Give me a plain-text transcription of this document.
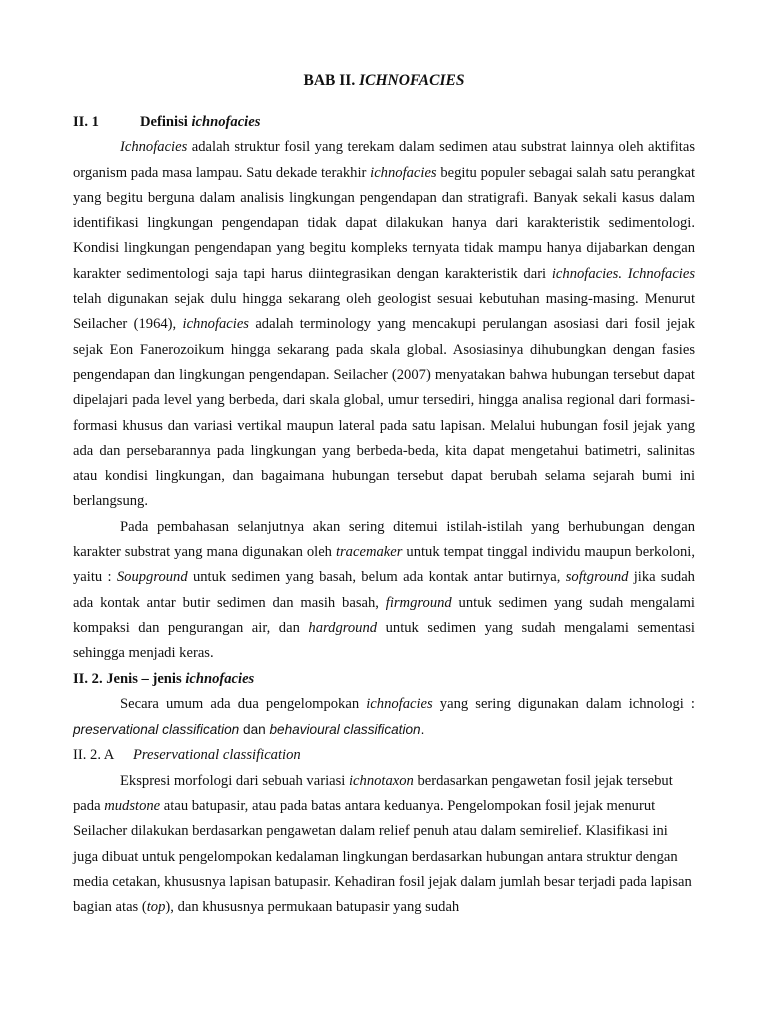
BAB II. ICHNOFACIES
II. 1	Definisi ichnofacies

Ichnofacies adalah struktur fosil yang terekam dalam sedimen atau substrat lainnya oleh aktifitas organism pada masa lampau. Satu dekade terakhir ichnofacies begitu populer sebagai salah satu perangkat yang begitu berguna dalam analisis lingkungan pengendapan dan stratigrafi. Banyak sekali kasus dalam identifikasi lingkungan pengendapan tidak dapat dilakukan hanya dari karakteristik sedimentologi. Kondisi lingkungan pengendapan yang begitu kompleks ternyata tidak mampu hanya dijabarkan dengan karakter sedimentologi saja tapi harus diintegrasikan dengan karakteristik dari ichnofacies. Ichnofacies telah digunakan sejak dulu hingga sekarang oleh geologist sesuai kebutuhan masing-masing. Menurut Seilacher (1964), ichnofacies adalah terminology yang mencakupi perulangan asosiasi dari fosil jejak sejak Eon Fanerozoikum hingga sekarang pada skala global. Asosiasinya dihubungkan dengan fasies pengendapan dan lingkungan pengendapan. Seilacher (2007) menyatakan bahwa hubungan tersebut dapat dipelajari pada level yang berbeda, dari skala global, umur tersediri, hingga analisa regional dari formasi-formasi khusus dan variasi vertikal maupun lateral pada satu lapisan. Melalui hubungan fosil jejak yang ada dan persebarannya pada lingkungan yang berbeda-beda, kita dapat mengetahui batimetri, salinitas atau kondisi lingkungan, dan bagaimana hubungan tersebut dapat berubah selama sejarah bumi ini berlangsung.

Pada pembahasan selanjutnya akan sering ditemui istilah-istilah yang berhubungan dengan karakter substrat yang mana digunakan oleh tracemaker untuk tempat tinggal individu maupun berkoloni, yaitu : Soupground untuk sedimen yang basah, belum ada kontak antar butirnya, softground jika sudah ada kontak antar butir sedimen dan masih basah, firmground untuk sedimen yang sudah mengalami kompaksi dan pengurangan air, dan hardground untuk sedimen yang sudah mengalami sementasi sehingga menjadi keras.

II. 2. Jenis – jenis ichnofacies

Secara umum ada dua pengelompokan ichnofacies yang sering digunakan dalam ichnologi : preservational classification dan behavioural classification.

II. 2. A Preservational classification

Ekspresi morfologi dari sebuah variasi ichnotaxon berdasarkan pengawetan fosil jejak tersebut pada mudstone atau batupasir, atau pada batas antara keduanya. Pengelompokan fosil jejak menurut Seilacher dilakukan berdasarkan pengawetan dalam relief penuh atau dalam semirelief. Klasifikasi ini juga dibuat untuk pengelompokan kedalaman lingkungan berdasarkan hubungan antara struktur dengan media cetakan, khususnya lapisan batupasir. Kehadiran fosil jejak dalam jumlah besar terjadi pada lapisan bagian atas (top), dan khususnya permukaan batupasir yang sudah
